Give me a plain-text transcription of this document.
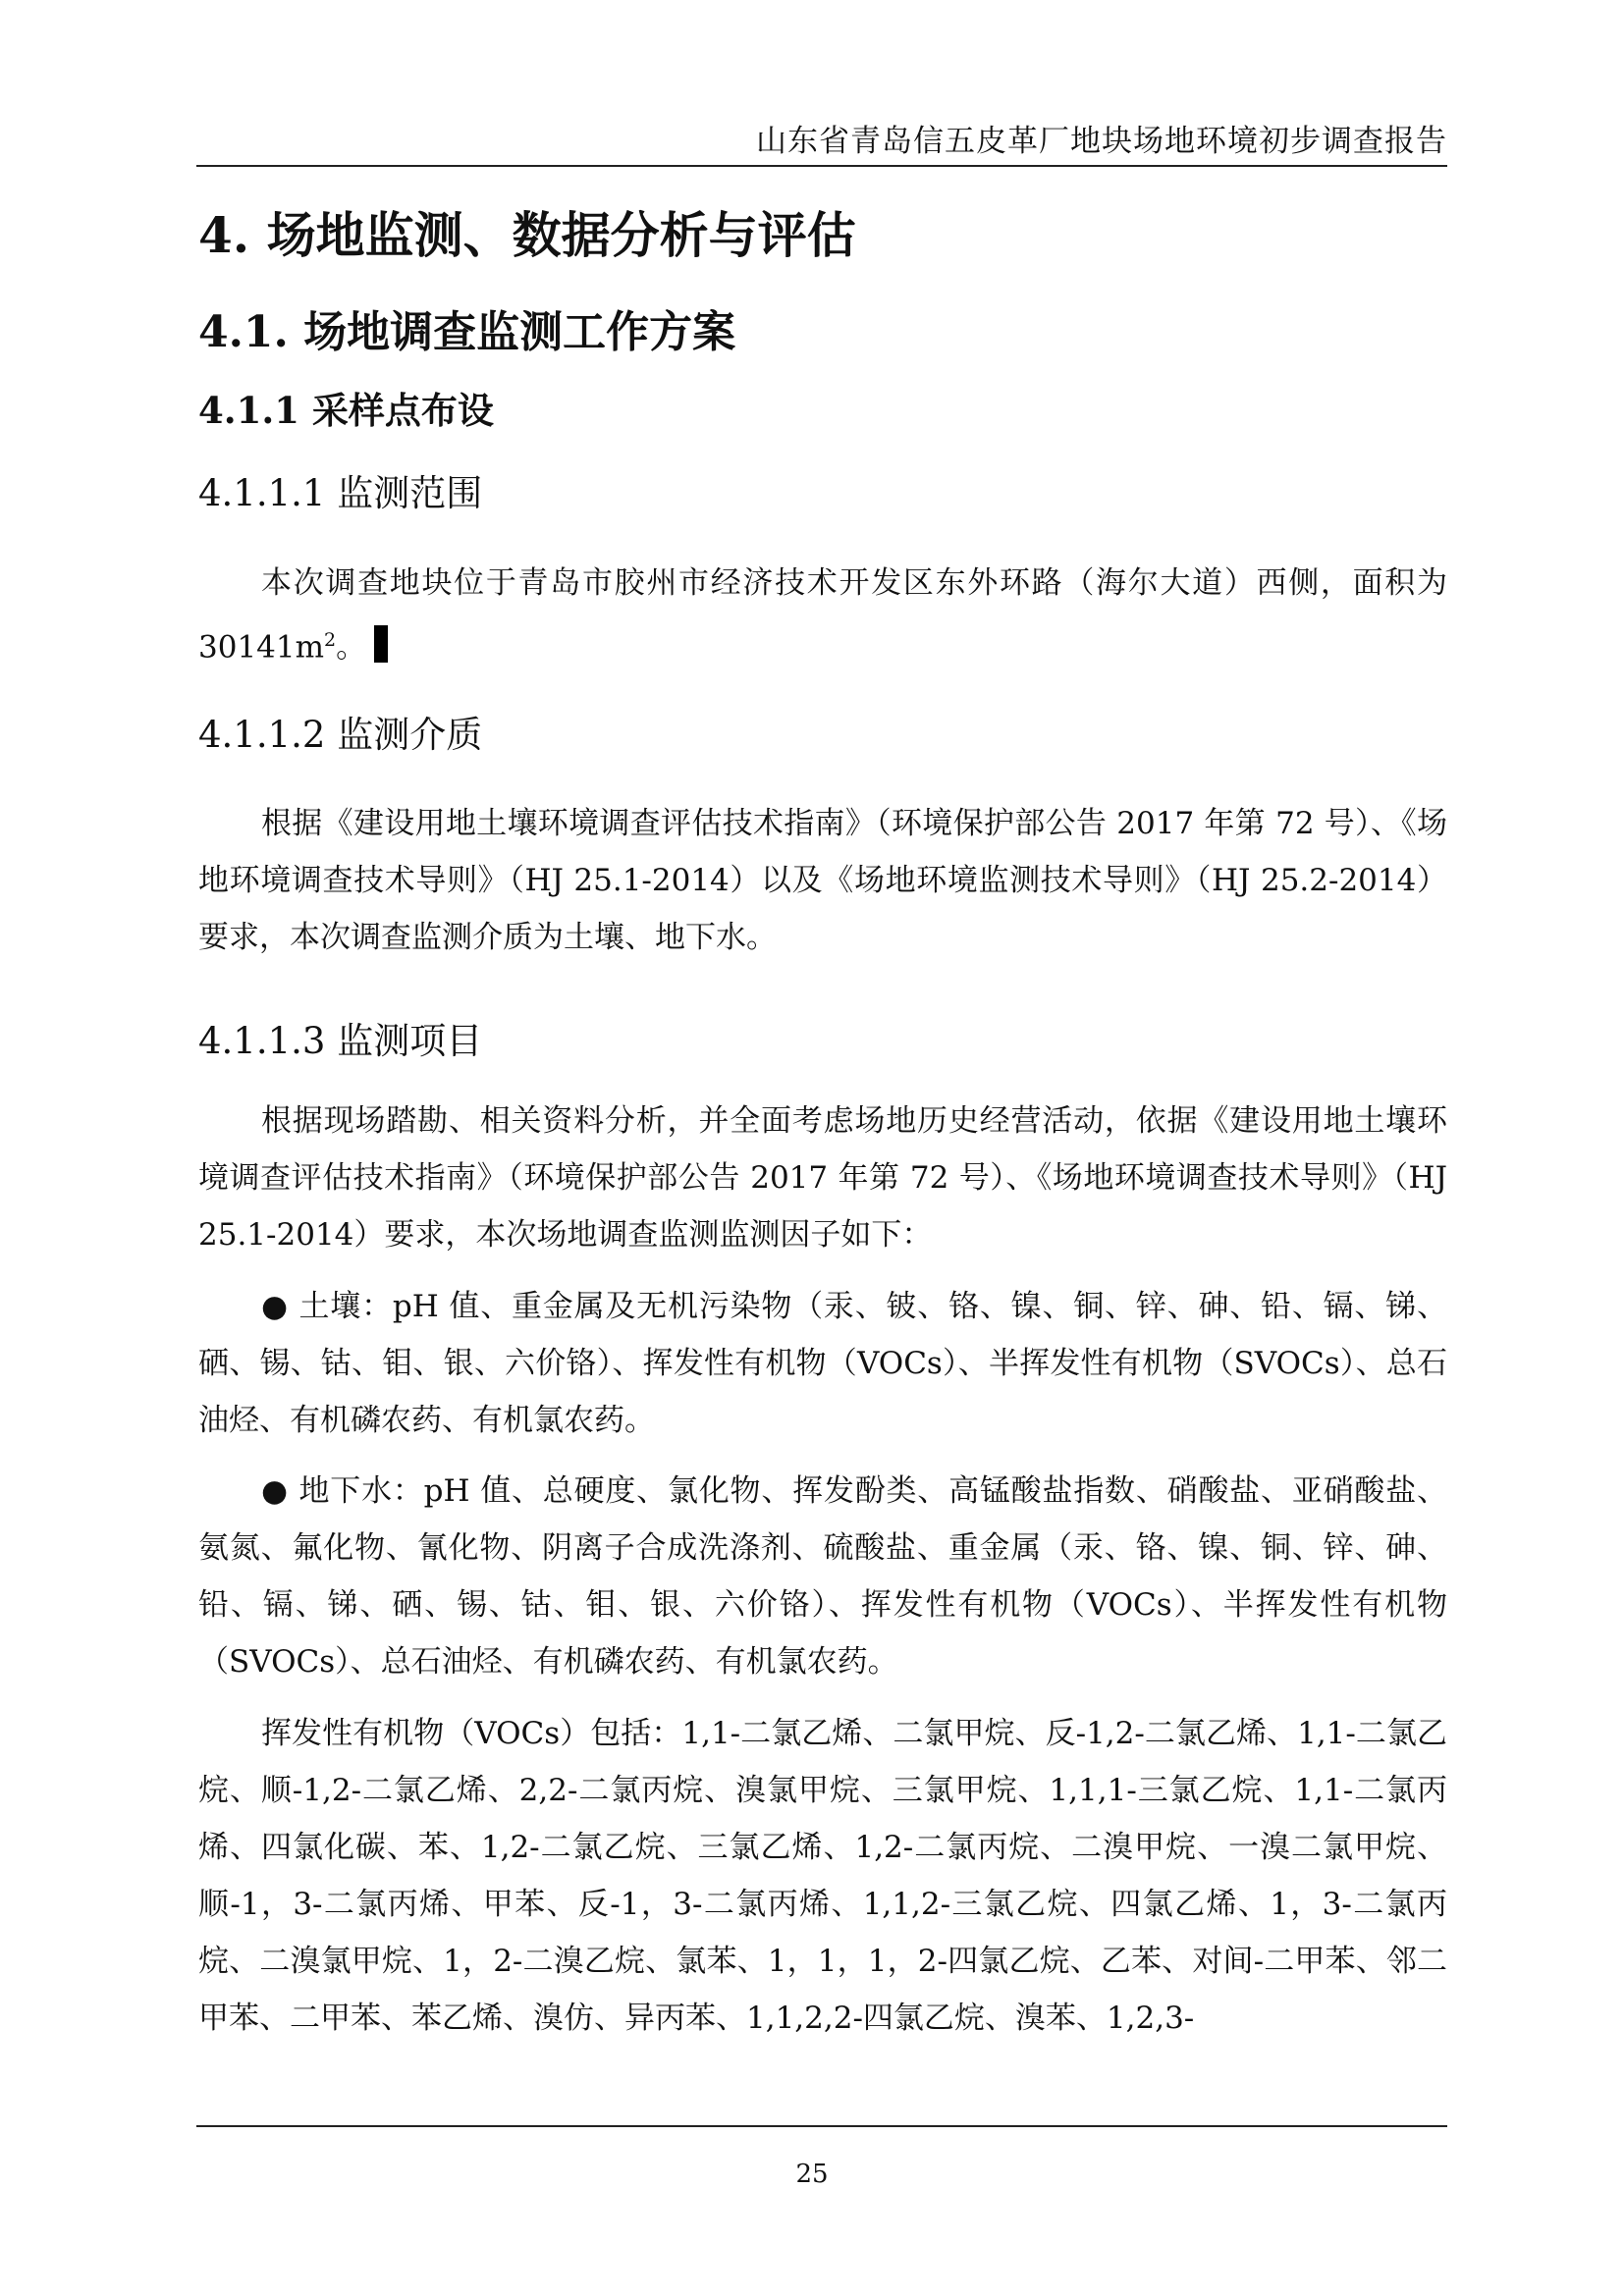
山东省青岛信五皮革厂地块场地环境初步调查报告
4. 场地监测、数据分析与评估
4.1. 场地调查监测工作方案
4.1.1 采样点布设
4.1.1.1 监测范围

本次调查地块位于青岛市胶州市经济技术开发区东外环路（海尔大道）西侧，面积为$30141m^2$。

4.1.1.2 监测介质

根据《建设用地土壤环境调查评估技术指南》（环境保护部公告 2017 年第 72 号）、《场地环境调查技术导则》（HJ 25.1-2014）以及《场地环境监测技术导则》（HJ 25.2-2014）要求，本次调查监测介质为土壤、地下水。

4.1.1.3 监测项目

根据现场踏勘、相关资料分析，并全面考虑场地历史经营活动，依据《建设用地土壤环境调查评估技术指南》（环境保护部公告 2017 年第 72 号）、《场地环境调查技术导则》（HJ 25.1-2014）要求，本次场地调查监测监测因子如下：

● 土壤：pH 值、重金属及无机污染物（汞、铍、铬、镍、铜、锌、砷、铅、镉、锑、硒、锡、钴、钼、银、六价铬）、挥发性有机物（VOCs）、半挥发性有机物（SVOCs）、总石油烃、有机磷农药、有机氯农药。

● 地下水：pH 值、总硬度、氯化物、挥发酚类、高锰酸盐指数、硝酸盐、亚硝酸盐、氨氮、氟化物、氰化物、阴离子合成洗涤剂、硫酸盐、重金属（汞、铬、镍、铜、锌、砷、铅、镉、锑、硒、锡、钴、钼、银、六价铬）、挥发性有机物（VOCs）、半挥发性有机物（SVOCs）、总石油烃、有机磷农药、有机氯农药。

挥发性有机物（VOCs）包括：1,1-二氯乙烯、二氯甲烷、反-1,2-二氯乙烯、1,1-二氯乙烷、顺-1,2-二氯乙烯、2,2-二氯丙烷、溴氯甲烷、三氯甲烷、1,1,1-三氯乙烷、1,1-二氯丙烯、四氯化碳、苯、1,2-二氯乙烷、三氯乙烯、1,2-二氯丙烷、二溴甲烷、一溴二氯甲烷、顺-1，3-二氯丙烯、甲苯、反-1，3-二氯丙烯、1,1,2-三氯乙烷、四氯乙烯、1，3-二氯丙烷、二溴氯甲烷、1，2-二溴乙烷、氯苯、1，1，1，2-四氯乙烷、乙苯、对间-二甲苯、邻二甲苯、二甲苯、苯乙烯、溴仿、异丙苯、1,1,2,2-四氯乙烷、溴苯、1,2,3-

25
